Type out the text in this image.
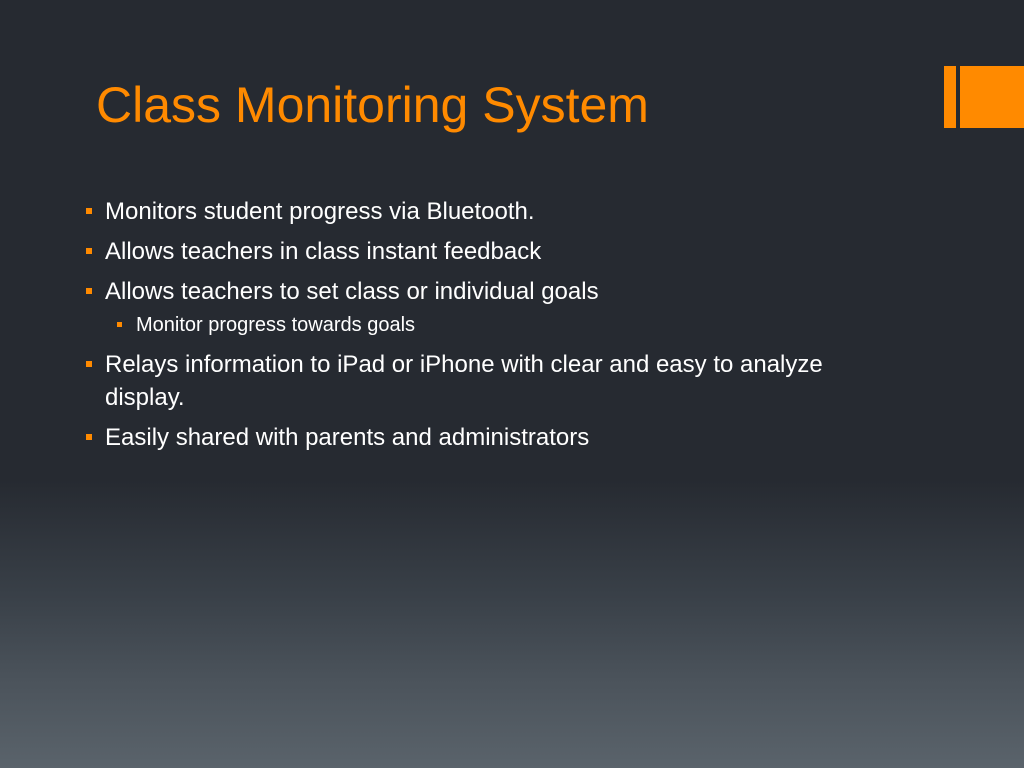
Class Monitoring System
Monitors student progress via Bluetooth.
Allows teachers in class instant feedback
Allows teachers to set class or individual goals
Monitor progress towards goals
Relays information to iPad or iPhone with clear and easy to analyze display.
Easily shared with parents and administrators
